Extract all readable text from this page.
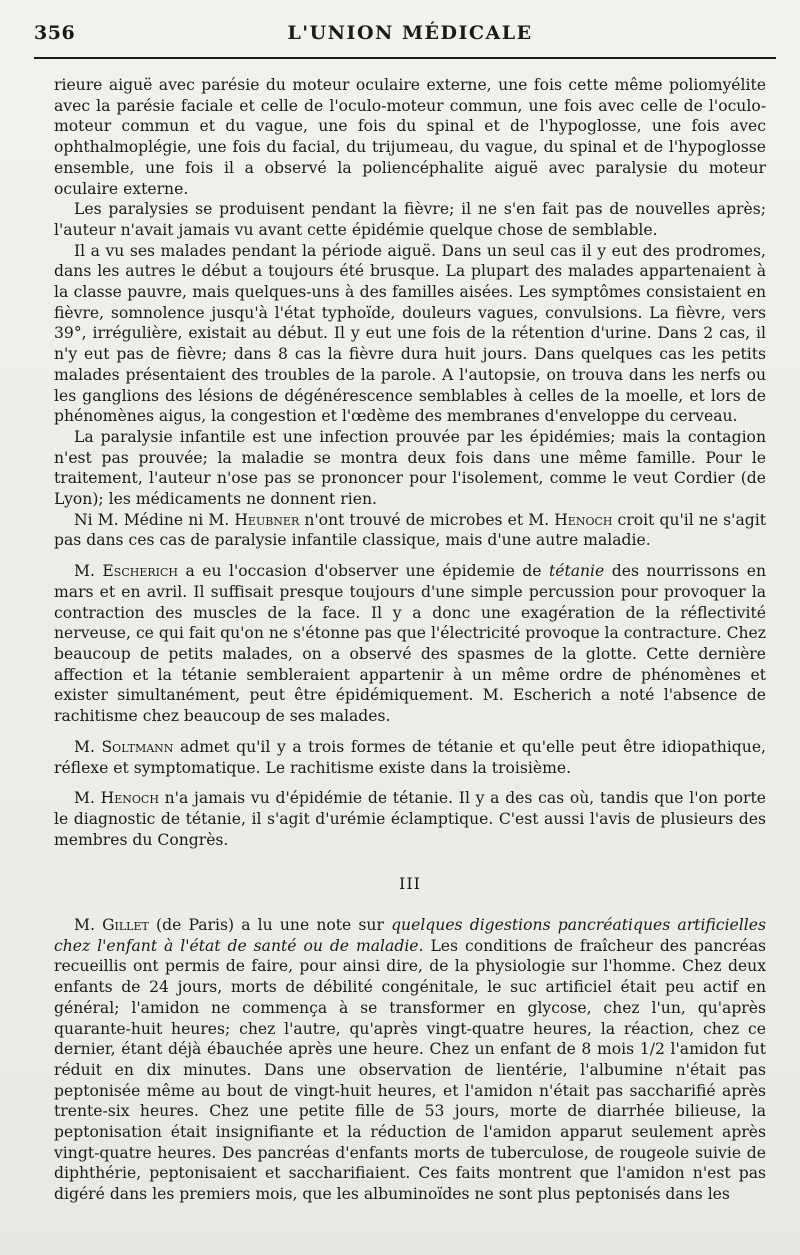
356	L'UNION MÉDICALE

rieure aiguë avec parésie du moteur oculaire externe, une fois cette même poliomyélite avec la parésie faciale et celle de l'oculo-moteur commun, une fois avec celle de l'oculo-moteur commun et du vague, une fois du spinal et de l'hypoglosse, une fois avec ophthalmoplégie, une fois du facial, du trijumeau, du vague, du spinal et de l'hypoglosse ensemble, une fois il a observé la poliencéphalite aiguë avec paralysie du moteur oculaire externe.

Les paralysies se produisent pendant la fièvre; il ne s'en fait pas de nouvelles après; l'auteur n'avait jamais vu avant cette épidémie quelque chose de semblable.

Il a vu ses malades pendant la période aiguë. Dans un seul cas il y eut des prodromes, dans les autres le début a toujours été brusque. La plupart des malades appartenaient à la classe pauvre, mais quelques-uns à des familles aisées. Les symptômes consistaient en fièvre, somnolence jusqu'à l'état typhoïde, douleurs vagues, convulsions. La fièvre, vers 39°, irrégulière, existait au début. Il y eut une fois de la rétention d'urine. Dans 2 cas, il n'y eut pas de fièvre; dans 8 cas la fièvre dura huit jours. Dans quelques cas les petits malades présentaient des troubles de la parole. A l'autopsie, on trouva dans les nerfs ou les ganglions des lésions de dégénérescence semblables à celles de la moelle, et lors de phénomènes aigus, la congestion et l'œdème des membranes d'enveloppe du cerveau.

La paralysie infantile est une infection prouvée par les épidémies; mais la contagion n'est pas prouvée; la maladie se montra deux fois dans une même famille. Pour le traitement, l'auteur n'ose pas se prononcer pour l'isolement, comme le veut Cordier (de Lyon); les médicaments ne donnent rien.

Ni M. Médine ni M. Heubner n'ont trouvé de microbes et M. Henoch croit qu'il ne s'agit pas dans ces cas de paralysie infantile classique, mais d'une autre maladie.

M. Escherich a eu l'occasion d'observer une épidemie de tétanie des nourrissons en mars et en avril. Il suffisait presque toujours d'une simple percussion pour provoquer la contraction des muscles de la face. Il y a donc une exagération de la réflectivité nerveuse, ce qui fait qu'on ne s'étonne pas que l'électricité provoque la contracture. Chez beaucoup de petits malades, on a observé des spasmes de la glotte. Cette dernière affection et la tétanie sembleraient appartenir à un même ordre de phénomènes et exister simultanément, peut être épidémiquement. M. Escherich a noté l'absence de rachitisme chez beaucoup de ses malades.

M. Soltmann admet qu'il y a trois formes de tétanie et qu'elle peut être idiopathique, réflexe et symptomatique. Le rachitisme existe dans la troisième.

M. Henoch n'a jamais vu d'épidémie de tétanie. Il y a des cas où, tandis que l'on porte le diagnostic de tétanie, il s'agit d'urémie éclamptique. C'est aussi l'avis de plusieurs des membres du Congrès.

III

M. Gillet (de Paris) a lu une note sur quelques digestions pancréatiques artificielles chez l'enfant à l'état de santé ou de maladie. Les conditions de fraîcheur des pancréas recueillis ont permis de faire, pour ainsi dire, de la physiologie sur l'homme. Chez deux enfants de 24 jours, morts de débilité congénitale, le suc artificiel était peu actif en général; l'amidon ne commença à se transformer en glycose, chez l'un, qu'après quarante-huit heures; chez l'autre, qu'après vingt-quatre heures, la réaction, chez ce dernier, étant déjà ébauchée après une heure. Chez un enfant de 8 mois 1/2 l'amidon fut réduit en dix minutes. Dans une observation de lientérie, l'albumine n'était pas peptonisée même au bout de vingt-huit heures, et l'amidon n'était pas saccharifié après trente-six heures. Chez une petite fille de 53 jours, morte de diarrhée bilieuse, la peptonisation était insignifiante et la réduction de l'amidon apparut seulement après vingt-quatre heures. Des pancréas d'enfants morts de tuberculose, de rougeole suivie de diphthérie, peptonisaient et saccharifiaient. Ces faits montrent que l'amidon n'est pas digéré dans les premiers mois, que les albuminoïdes ne sont plus peptonisés dans les
